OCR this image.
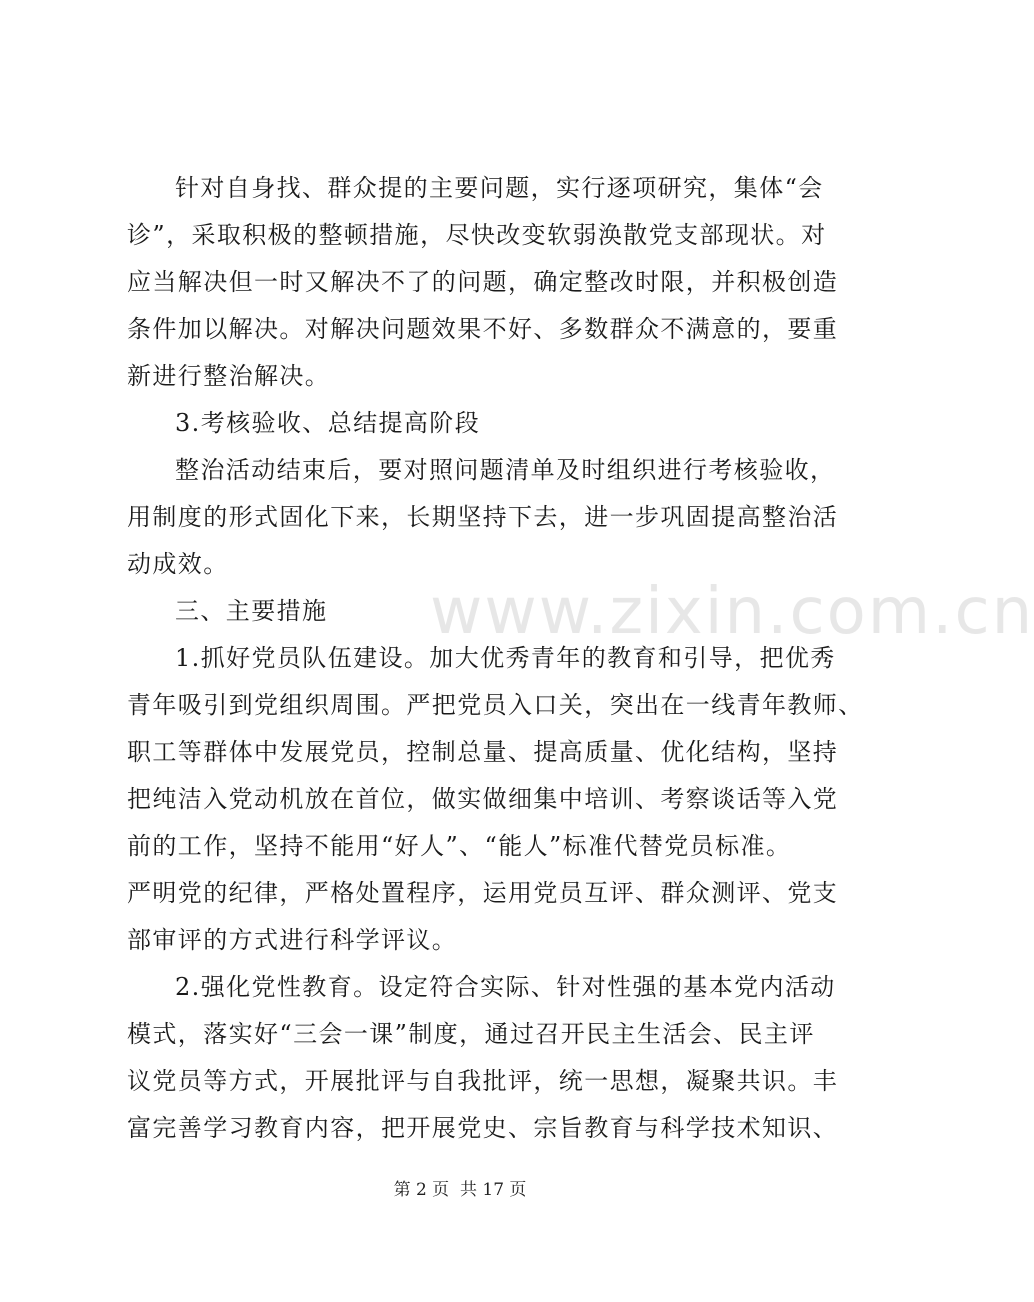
针对自身找、群众提的主要问题，实行逐项研究，集体“会
诊”，采取积极的整顿措施，尽快改变软弱涣散党支部现状。对
应当解决但一时又解决不了的问题，确定整改时限，并积极创造
条件加以解决。对解决问题效果不好、多数群众不满意的，要重
新进行整治解决。
3.考核验收、总结提高阶段
整治活动结束后，要对照问题清单及时组织进行考核验收，
用制度的形式固化下来，长期坚持下去，进一步巩固提高整治活
动成效。
三、主要措施
1.抓好党员队伍建设。加大优秀青年的教育和引导，把优秀
青年吸引到党组织周围。严把党员入口关，突出在一线青年教师、
职工等群体中发展党员，控制总量、提高质量、优化结构，坚持
把纯洁入党动机放在首位，做实做细集中培训、考察谈话等入党
前的工作，坚持不能用“好人”、“能人”标准代替党员标准。
严明党的纪律，严格处置程序，运用党员互评、群众测评、党支
部审评的方式进行科学评议。
2.强化党性教育。设定符合实际、针对性强的基本党内活动
模式，落实好“三会一课”制度，通过召开民主生活会、民主评
议党员等方式，开展批评与自我批评，统一思想，凝聚共识。丰
富完善学习教育内容，把开展党史、宗旨教育与科学技术知识、
www.zixin.com.cn
第 2 页  共 17 页
